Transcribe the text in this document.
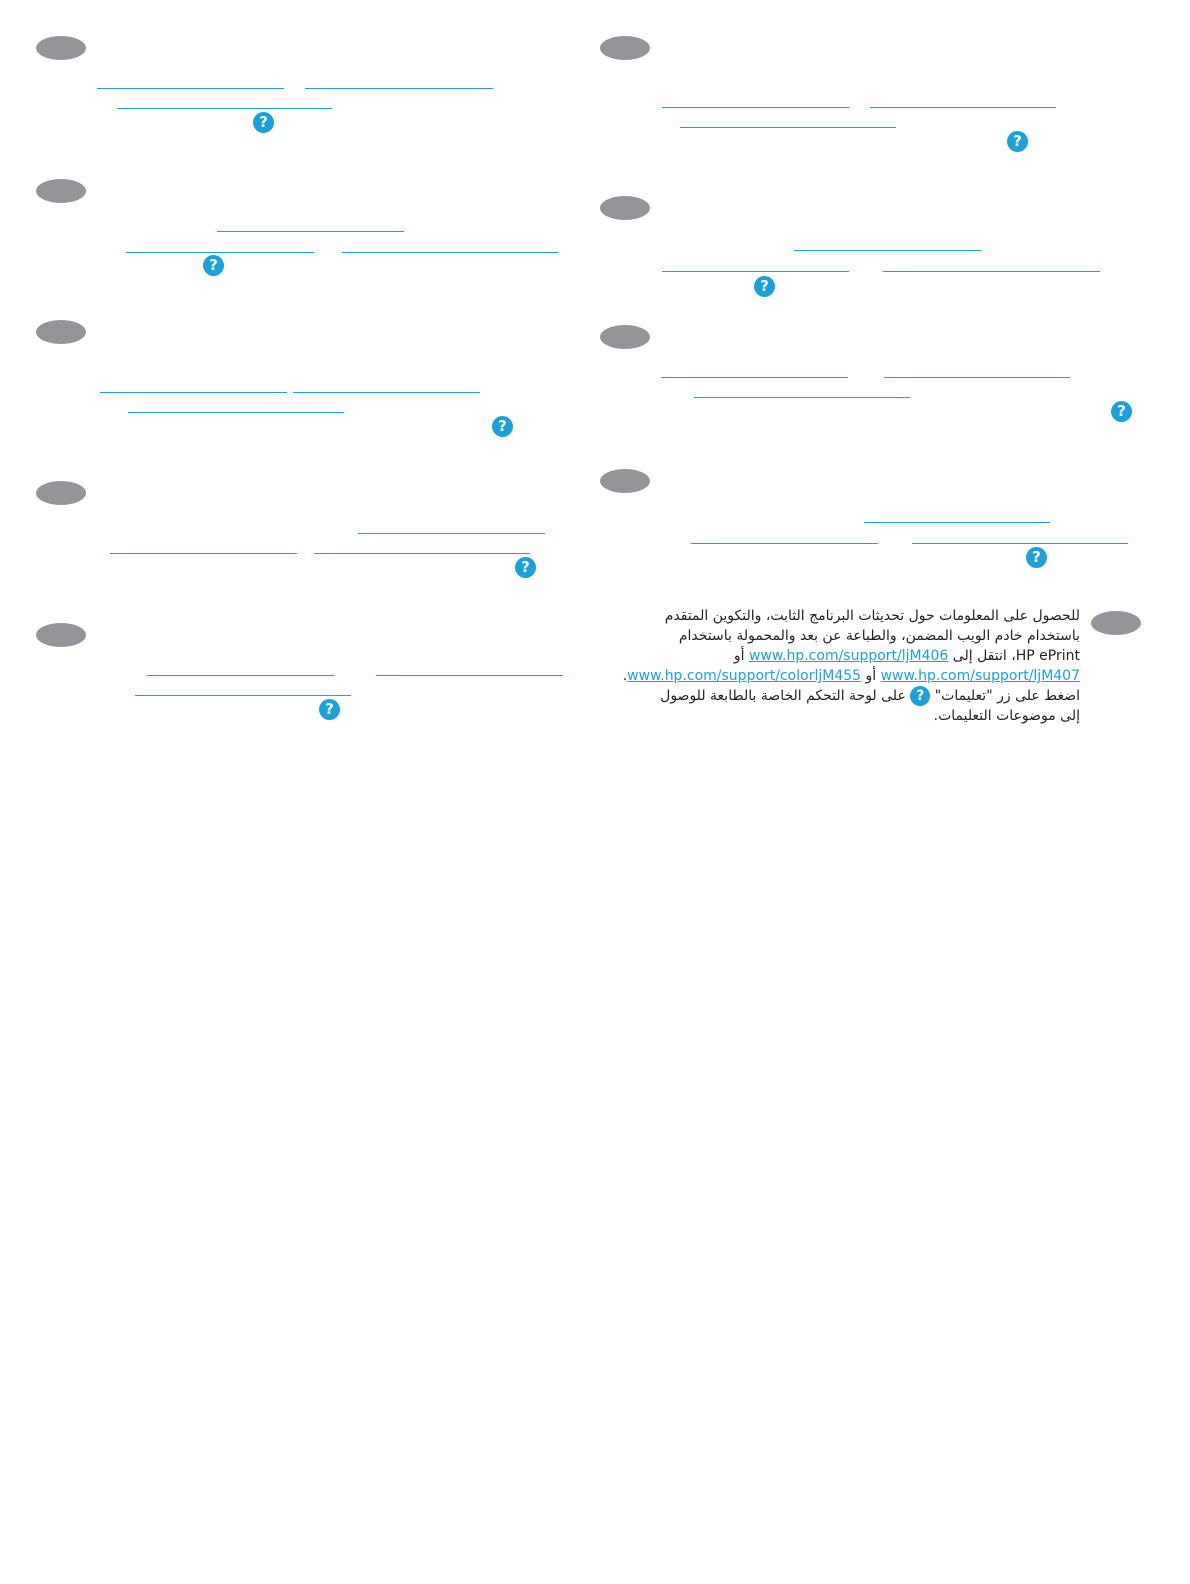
?
?
?
?
?
?
?
?
?
للحصول على المعلومات حول تحديثات البرنامج الثابت، والتكوين المتقدم
باستخدام خادم الويب المضمن، والطباعة عن بعد والمحمولة باستخدام
HP ePrint، انتقل إلى www.hp.com/support/ljM406 أو
www.hp.com/support/ljM407 أو www.hp.com/support/colorljM455.
اضغط على زر "تعليمات" ? على لوحة التحكم الخاصة بالطابعة للوصول
إلى موضوعات التعليمات.
